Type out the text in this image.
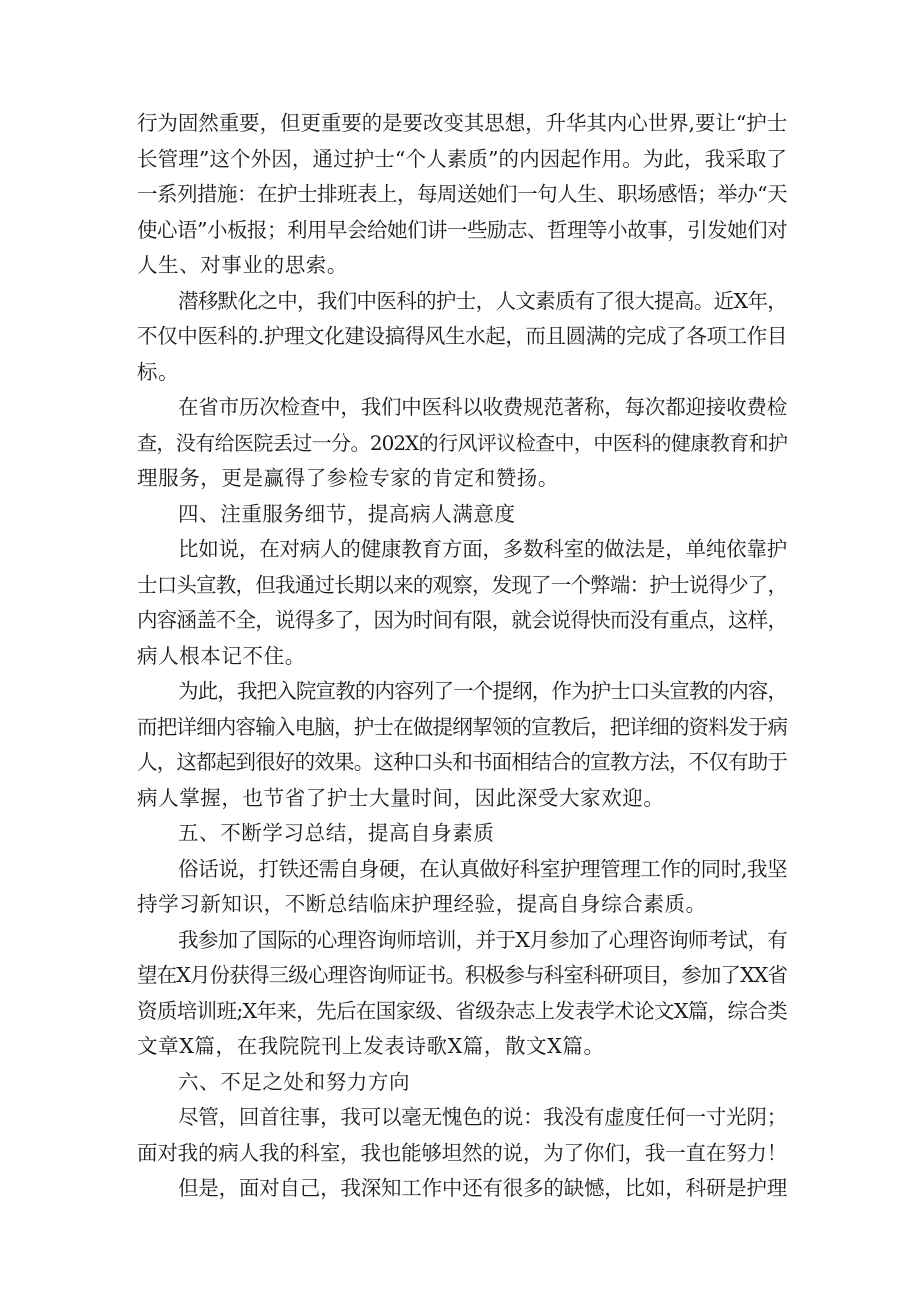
行为固然重要，但更重要的是要改变其思想，升华其内心世界,要让“护士
长管理”这个外因，通过护士“个人素质”的内因起作用。为此，我采取了
一系列措施：在护士排班表上，每周送她们一句人生、职场感悟；举办“天
使心语”小板报；利用早会给她们讲一些励志、哲理等小故事，引发她们对
人生、对事业的思索。
潜移默化之中，我们中医科的护士，人文素质有了很大提高。近X年，
不仅中医科的.护理文化建设搞得风生水起，而且圆满的完成了各项工作目
标。
在省市历次检查中，我们中医科以收费规范著称，每次都迎接收费检
查，没有给医院丢过一分。202X的行风评议检查中，中医科的健康教育和护
理服务，更是赢得了参检专家的肯定和赞扬。
四、注重服务细节，提高病人满意度
比如说，在对病人的健康教育方面，多数科室的做法是，单纯依靠护
士口头宣教，但我通过长期以来的观察，发现了一个弊端：护士说得少了，
内容涵盖不全，说得多了，因为时间有限，就会说得快而没有重点，这样，
病人根本记不住。
为此，我把入院宣教的内容列了一个提纲，作为护士口头宣教的内容，
而把详细内容输入电脑，护士在做提纲挈领的宣教后，把详细的资料发于病
人，这都起到很好的效果。这种口头和书面相结合的宣教方法，不仅有助于
病人掌握，也节省了护士大量时间，因此深受大家欢迎。
五、不断学习总结，提高自身素质
俗话说，打铁还需自身硬，在认真做好科室护理管理工作的同时,我坚
持学习新知识，不断总结临床护理经验，提高自身综合素质。
我参加了国际的心理咨询师培训，并于X月参加了心理咨询师考试，有
望在X月份获得三级心理咨询师证书。积极参与科室科研项目，参加了XX省
资质培训班;X年来，先后在国家级、省级杂志上发表学术论文X篇，综合类
文章X篇，在我院院刊上发表诗歌X篇，散文X篇。
六、不足之处和努力方向
尽管，回首往事，我可以毫无愧色的说：我没有虚度任何一寸光阴；
面对我的病人我的科室，我也能够坦然的说，为了你们，我一直在努力！
但是，面对自己，我深知工作中还有很多的缺憾，比如，科研是护理
